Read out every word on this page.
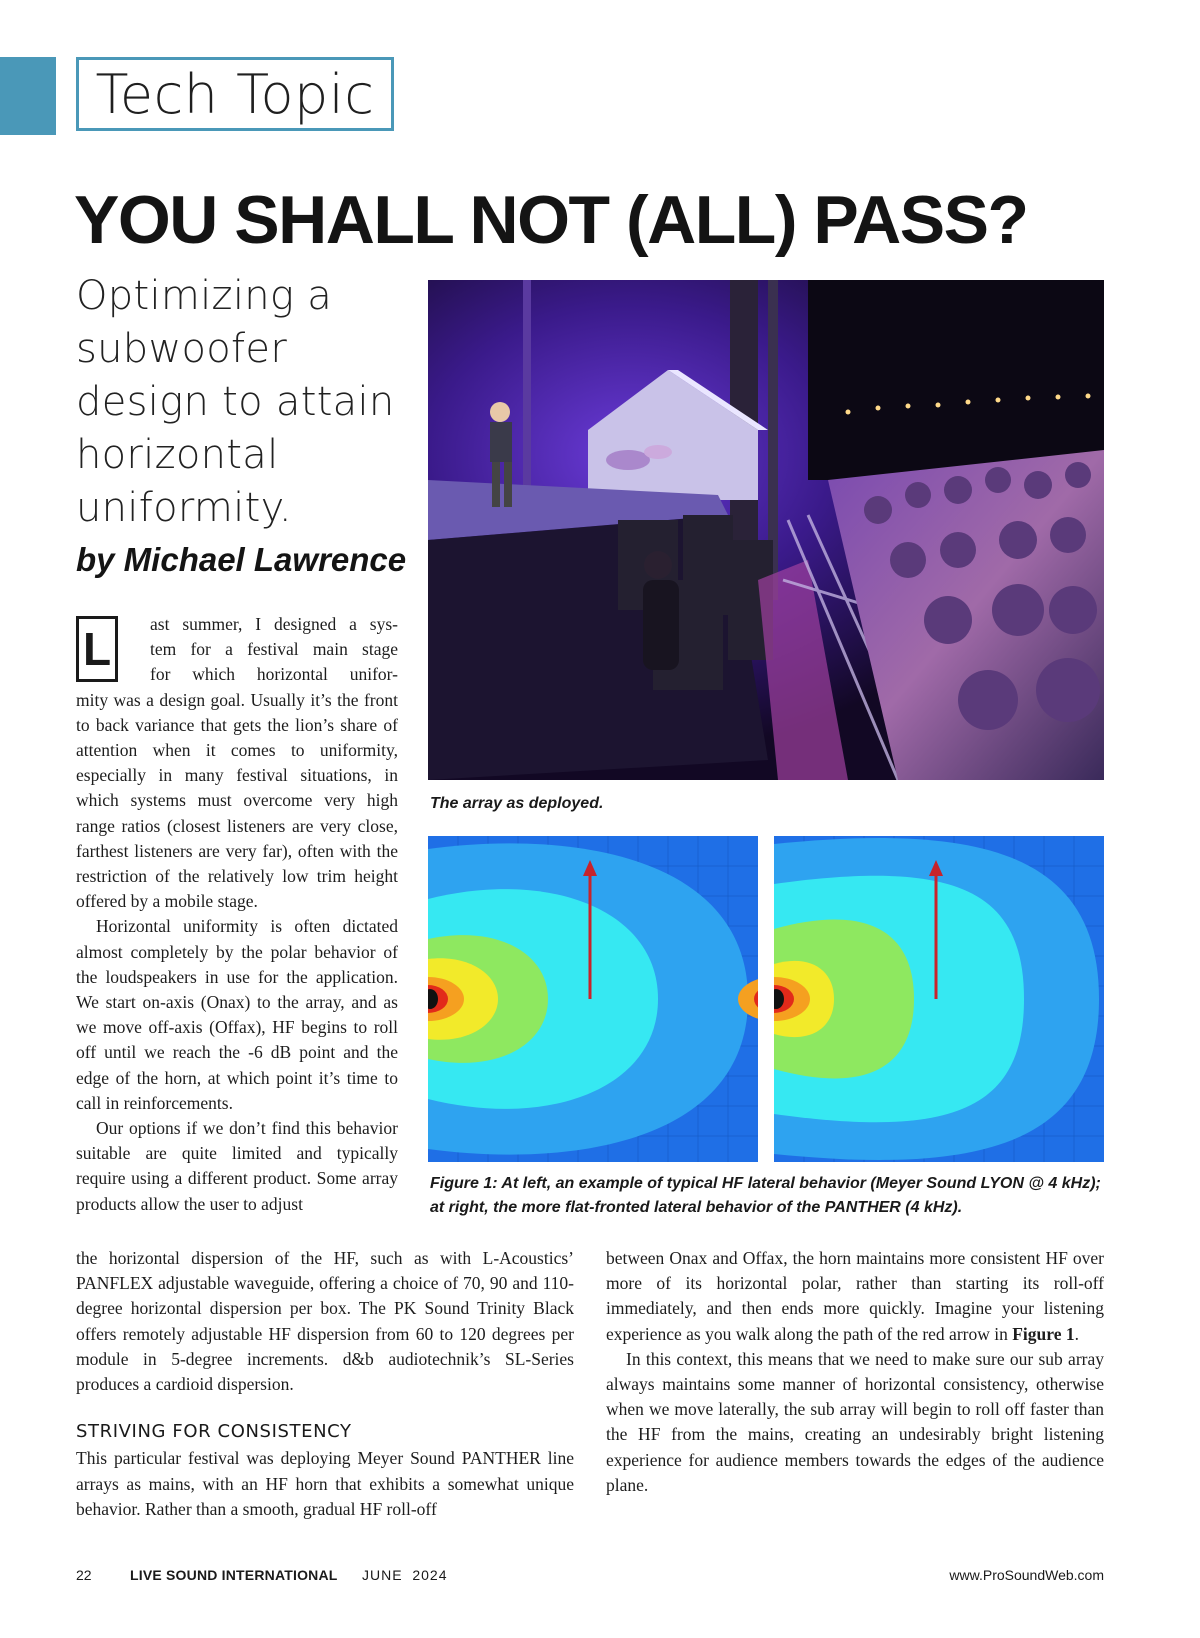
Tech Topic
YOU SHALL NOT (ALL) PASS?
Optimizing a subwoofer design to attain horizontal uniformity.
by Michael Lawrence
L	ast summer, I designed a sys-
tem for a festival main stage
for which horizontal unifor-

mity was a design goal. Usually it’s the front to back variance that gets the lion’s share of attention when it comes to uniformity, especially in many festival situations, in which systems must overcome very high range ratios (closest listeners are very close, farthest listeners are very far), often with the restriction of the relatively low trim height offered by a mobile stage.

Horizontal uniformity is often dictated almost completely by the polar behavior of the loudspeakers in use for the application. We start on-axis (Onax) to the array, and as we move off-axis (Offax), HF begins to roll off until we reach the -6 dB point and the edge of the horn, at which point it’s time to call in reinforcements.

Our options if we don’t find this behavior suitable are quite limited and typically require using a different product. Some array products allow the user to adjust

the horizontal dispersion of the HF, such as with L-Acoustics’ PANFLEX adjustable waveguide, offering a choice of 70, 90 and 110-degree horizontal dispersion per box. The PK Sound Trinity Black offers remotely adjustable HF dispersion from 60 to 120 degrees per module in 5-degree increments. d&b audiotechnik’s SL-Series produces a cardioid dispersion.

STRIVING FOR CONSISTENCY

This particular festival was deploying Meyer Sound PANTHER line arrays as mains, with an HF horn that exhibits a somewhat unique behavior. Rather than a smooth, gradual HF roll-off

between Onax and Offax, the horn maintains more consistent HF over more of its horizontal polar, rather than starting its roll-off immediately, and then ends more quickly. Imagine your listening experience as you walk along the path of the red arrow in Figure 1.

In this context, this means that we need to make sure our sub array always maintains some manner of horizontal consistency, otherwise when we move laterally, the sub array will begin to roll off faster than the HF from the mains, creating an undesirably bright listening experience for audience members towards the edges of the audience plane.

The array as deployed.
Figure 1: At left, an example of typical HF lateral behavior (Meyer Sound LYON @ 4 kHz); at right, the more flat-fronted lateral behavior of the PANTHER (4 kHz).
22	LIVE SOUND INTERNATIONAL JUNE  2024	www.ProSoundWeb.com
